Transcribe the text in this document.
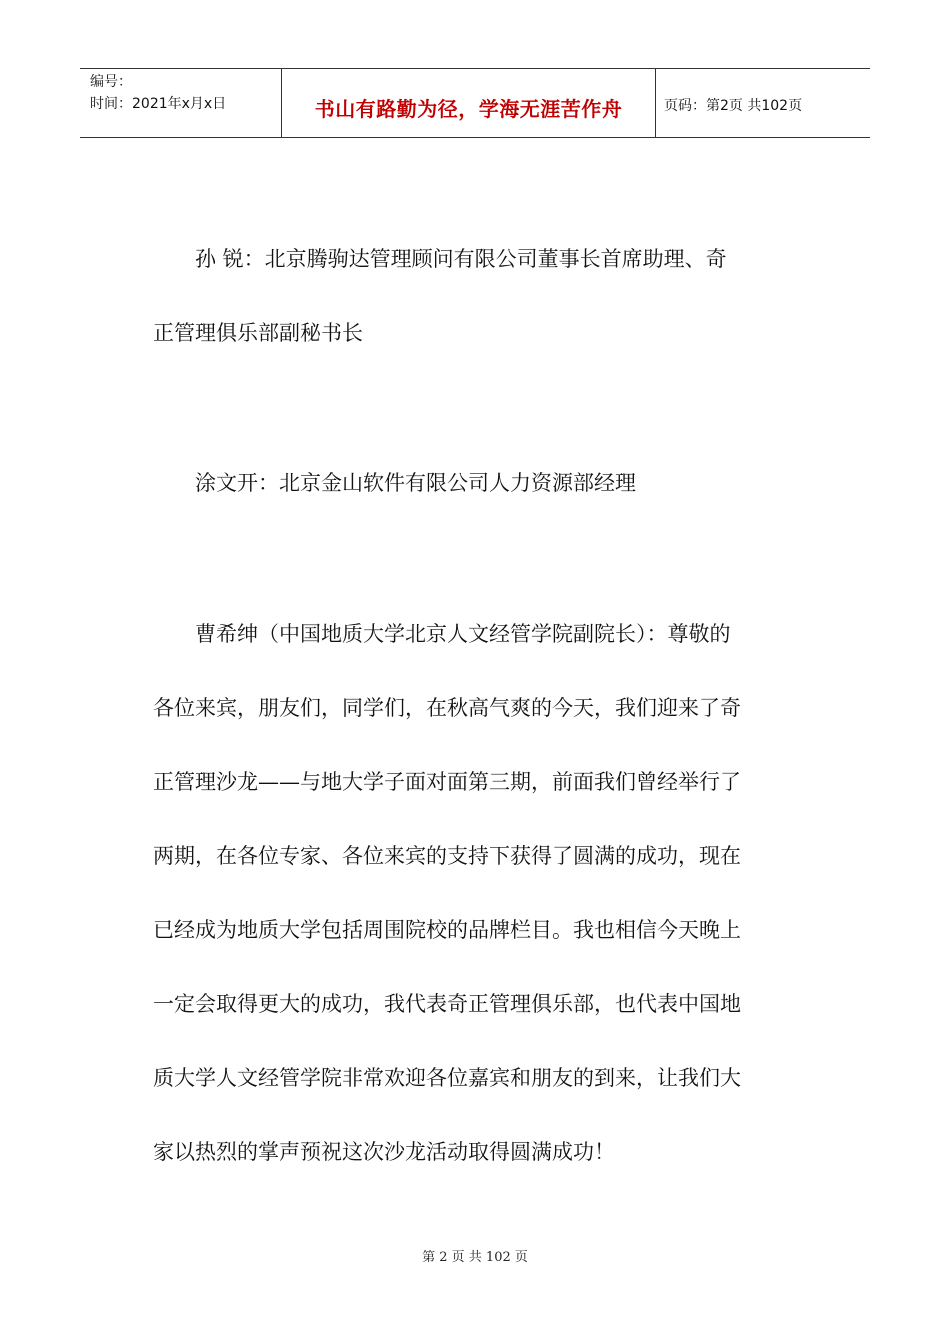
编号：
时间：2021年x月x日	书山有路勤为径，学海无涯苦作舟	页码：第2页 共102页

孙 锐：北京腾驹达管理顾问有限公司董事长首席助理、奇

正管理俱乐部副秘书长

涂文开：北京金山软件有限公司人力资源部经理

曹希绅（中国地质大学北京人文经管学院副院长）：尊敬的

各位来宾，朋友们，同学们，在秋高气爽的今天，我们迎来了奇

正管理沙龙——与地大学子面对面第三期，前面我们曾经举行了

两期，在各位专家、各位来宾的支持下获得了圆满的成功，现在

已经成为地质大学包括周围院校的品牌栏目。我也相信今天晚上

一定会取得更大的成功，我代表奇正管理俱乐部，也代表中国地

质大学人文经管学院非常欢迎各位嘉宾和朋友的到来，让我们大

家以热烈的掌声预祝这次沙龙活动取得圆满成功！

第 2 页 共 102 页
